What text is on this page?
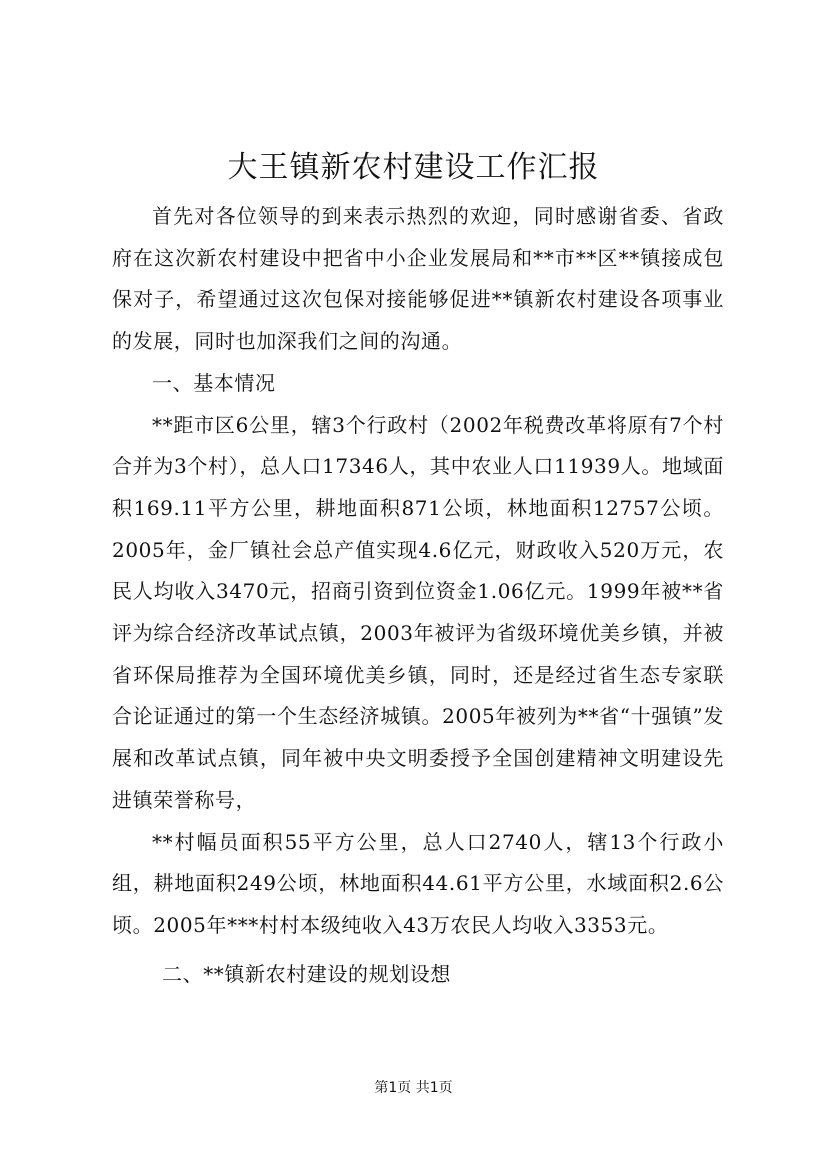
大王镇新农村建设工作汇报

首先对各位领导的到来表示热烈的欢迎，同时感谢省委、省政府在这次新农村建设中把省中小企业发展局和**市**区**镇接成包保对子，希望通过这次包保对接能够促进**镇新农村建设各项事业的发展，同时也加深我们之间的沟通。

一、基本情况

**距市区6公里，辖3个行政村（2002年税费改革将原有7个村合并为3个村），总人口17346人，其中农业人口11939人。地域面积169.11平方公里，耕地面积871公顷，林地面积12757公顷。2005年，金厂镇社会总产值实现4.6亿元，财政收入520万元，农民人均收入3470元，招商引资到位资金1.06亿元。1999年被**省评为综合经济改革试点镇，2003年被评为省级环境优美乡镇，并被省环保局推荐为全国环境优美乡镇，同时，还是经过省生态专家联合论证通过的第一个生态经济城镇。2005年被列为**省“十强镇”发展和改革试点镇，同年被中央文明委授予全国创建精神文明建设先进镇荣誉称号，

**村幅员面积55平方公里，总人口2740人，辖13个行政小组，耕地面积249公顷，林地面积44.61平方公里，水域面积2.6公顷。2005年***村村本级纯收入43万农民人均收入3353元。

二、**镇新农村建设的规划设想

第1页 共1页
